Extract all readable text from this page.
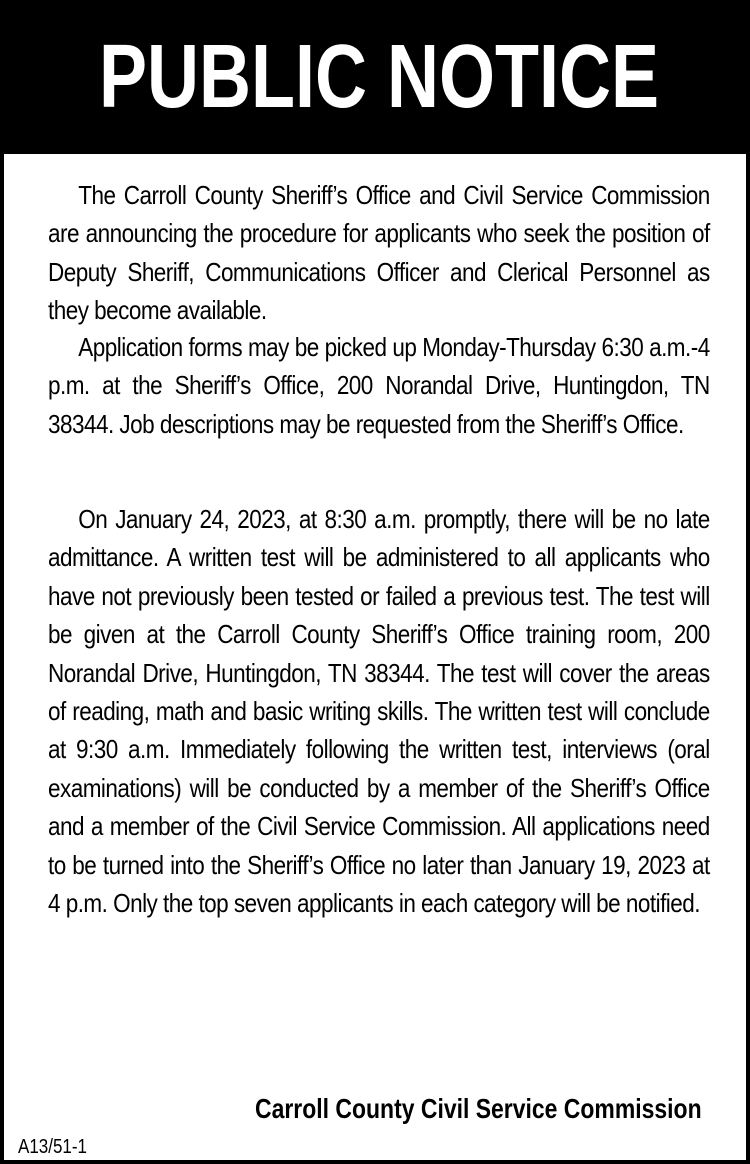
PUBLIC NOTICE

The Carroll County Sheriff’s Office and Civil Service Commission are announcing the procedure for applicants who seek the position of Deputy Sheriff, Communications Officer and Clerical Personnel as they become available.

Application forms may be picked up Monday-Thursday 6:30 a.m.-4 p.m. at the Sheriff’s Office, 200 Norandal Drive, Huntingdon, TN 38344. Job descriptions may be requested from the Sheriff’s Office.

On January 24, 2023, at 8:30 a.m. promptly, there will be no late admittance. A written test will be administered to all applicants who have not previously been tested or failed a previous test. The test will be given at the Carroll County Sheriff’s Office training room, 200 Norandal Drive, Huntingdon, TN 38344. The test will cover the areas of reading, math and basic writing skills. The written test will conclude at 9:30 a.m. Immediately following the written test, interviews (oral examinations) will be conducted by a member of the Sheriff’s Office and a member of the Civil Service Commission. All applications need to be turned into the Sheriff’s Office no later than January 19, 2023 at 4 p.m. Only the top seven applicants in each category will be notified.

Carroll County Civil Service Commission
A13/51-1
